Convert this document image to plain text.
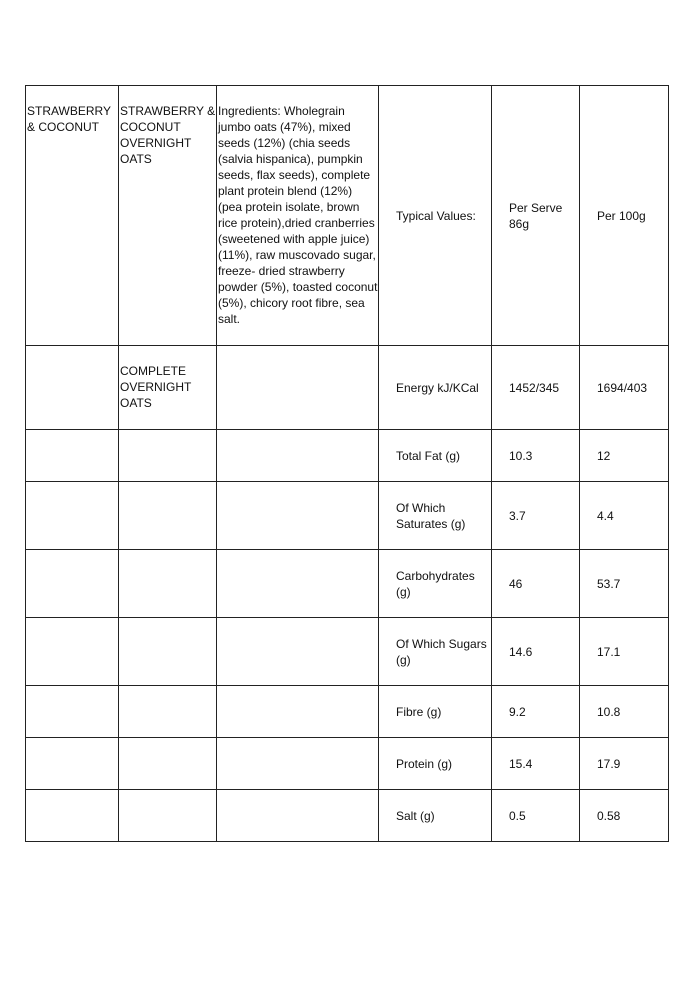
STRAWBERRY & COCONUT	STRAWBERRY & COCONUT OVERNIGHT OATS	Ingredients: Wholegrain jumbo oats (47%), mixed seeds (12%) (chia seeds (salvia hispanica), pumpkin seeds, flax seeds), complete plant protein blend (12%) (pea protein isolate, brown rice protein),dried cranberries (sweetened with apple juice) (11%), raw muscovado sugar, freeze- dried strawberry powder (5%), toasted coconut (5%), chicory root fibre, sea salt.	Typical Values:	Per Serve 86g	Per 100g
	COMPLETE OVERNIGHT OATS		Energy kJ/KCal	1452/345	1694/403
			Total Fat (g)	10.3	12
			Of Which Saturates (g)	3.7	4.4
			Carbohydrates (g)	46	53.7
			Of Which Sugars (g)	14.6	17.1
			Fibre (g)	9.2	10.8
			Protein (g)	15.4	17.9
			Salt (g)	0.5	0.58
